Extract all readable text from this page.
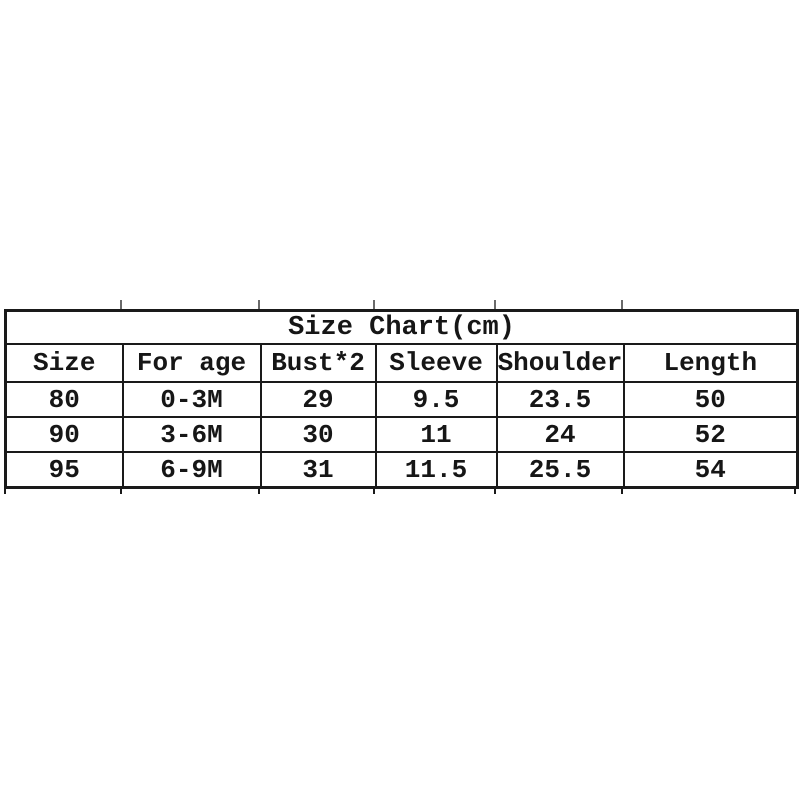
Size Chart(cm)					
Size	For age	Bust*2	Sleeve	Shoulder	Length
80	0-3M	29	9.5	23.5	50
90	3-6M	30	11	24	52
95	6-9M	31	11.5	25.5	54
